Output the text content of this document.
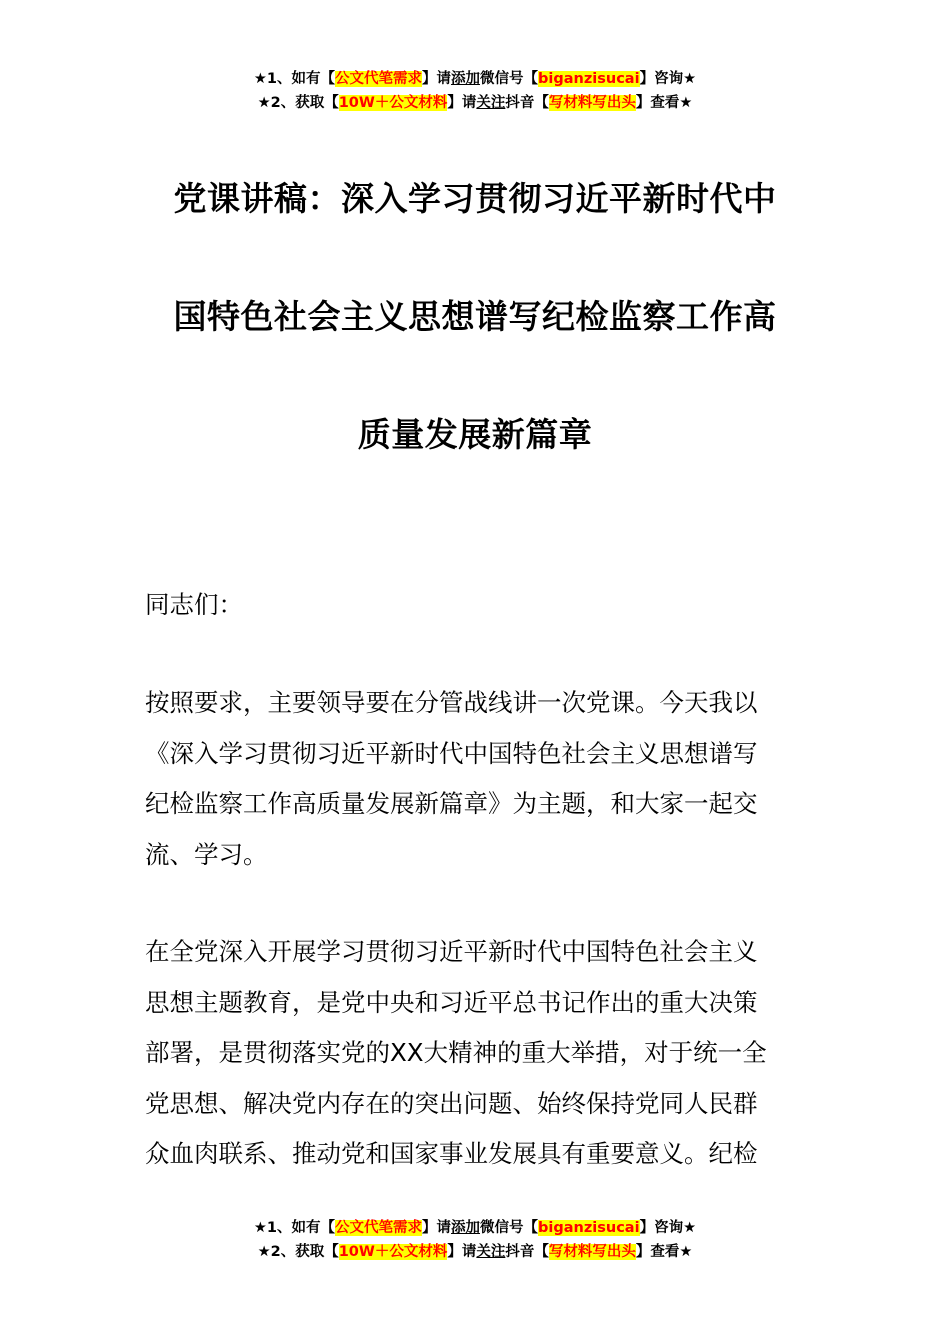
★1、如有【公文代笔需求】请添加微信号【biganzisucai】咨询★
★2、获取【10W＋公文材料】请关注抖音【写材料写出头】查看★
党课讲稿：深入学习贯彻习近平新时代中
国特色社会主义思想谱写纪检监察工作高
质量发展新篇章
同志们：
按照要求，主要领导要在分管战线讲一次党课。今天我以
《深入学习贯彻习近平新时代中国特色社会主义思想谱写
纪检监察工作高质量发展新篇章》为主题，和大家一起交
流、学习。
在全党深入开展学习贯彻习近平新时代中国特色社会主义
思想主题教育，是党中央和习近平总书记作出的重大决策
部署，是贯彻落实党的XX大精神的重大举措，对于统一全
党思想、解决党内存在的突出问题、始终保持党同人民群
众血肉联系、推动党和国家事业发展具有重要意义。纪检
★1、如有【公文代笔需求】请添加微信号【biganzisucai】咨询★
★2、获取【10W＋公文材料】请关注抖音【写材料写出头】查看★
